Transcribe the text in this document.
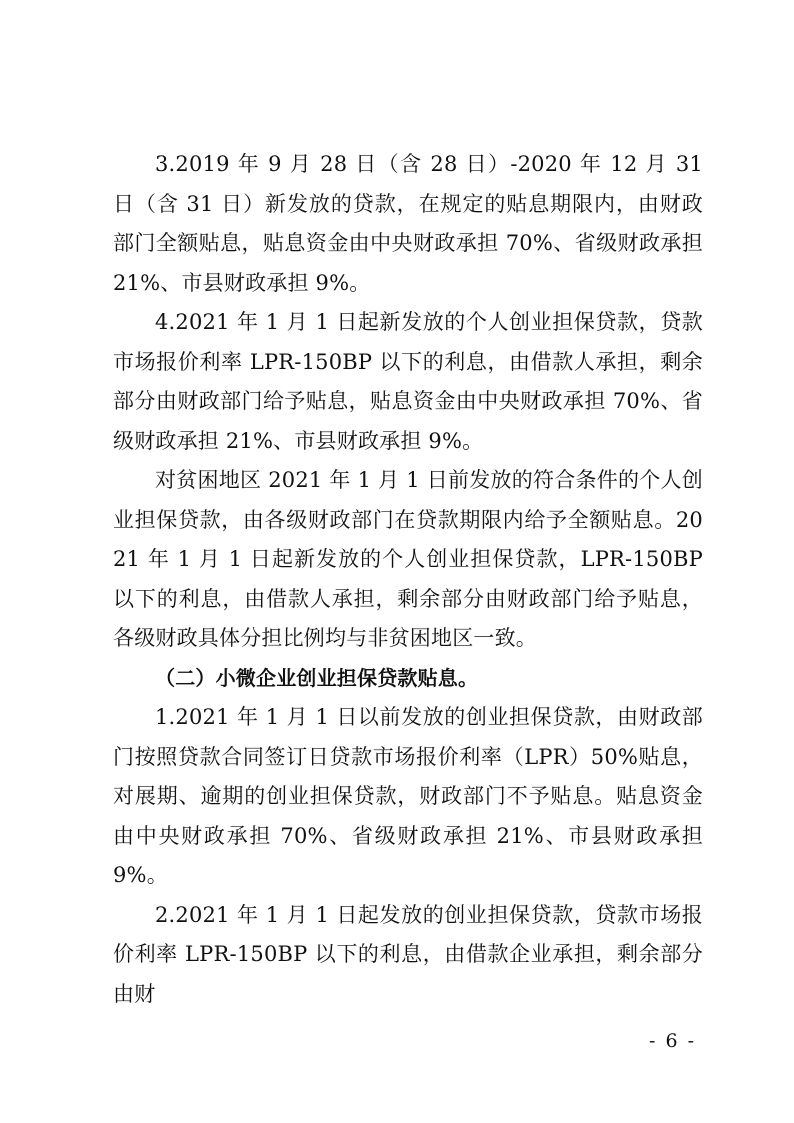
3.2019 年 9 月 28 日（含 28 日）-2020 年 12 月 31 日（含 31 日）新发放的贷款，在规定的贴息期限内，由财政部门全额贴息，贴息资金由中央财政承担 70%、省级财政承担 21%、市县财政承担 9%。

4.2021 年 1 月 1 日起新发放的个人创业担保贷款，贷款市场报价利率 LPR-150BP 以下的利息，由借款人承担，剩余部分由财政部门给予贴息，贴息资金由中央财政承担 70%、省级财政承担 21%、市县财政承担 9%。

对贫困地区 2021 年 1 月 1 日前发放的符合条件的个人创业担保贷款，由各级财政部门在贷款期限内给予全额贴息。2021 年 1 月 1 日起新发放的个人创业担保贷款，LPR-150BP 以下的利息，由借款人承担，剩余部分由财政部门给予贴息，各级财政具体分担比例均与非贫困地区一致。

（二）小微企业创业担保贷款贴息。

1.2021 年 1 月 1 日以前发放的创业担保贷款，由财政部门按照贷款合同签订日贷款市场报价利率（LPR）50%贴息，对展期、逾期的创业担保贷款，财政部门不予贴息。贴息资金由中央财政承担 70%、省级财政承担 21%、市县财政承担 9%。

2.2021 年 1 月 1 日起发放的创业担保贷款，贷款市场报价利率 LPR-150BP 以下的利息，由借款企业承担，剩余部分由财

- 6 -
